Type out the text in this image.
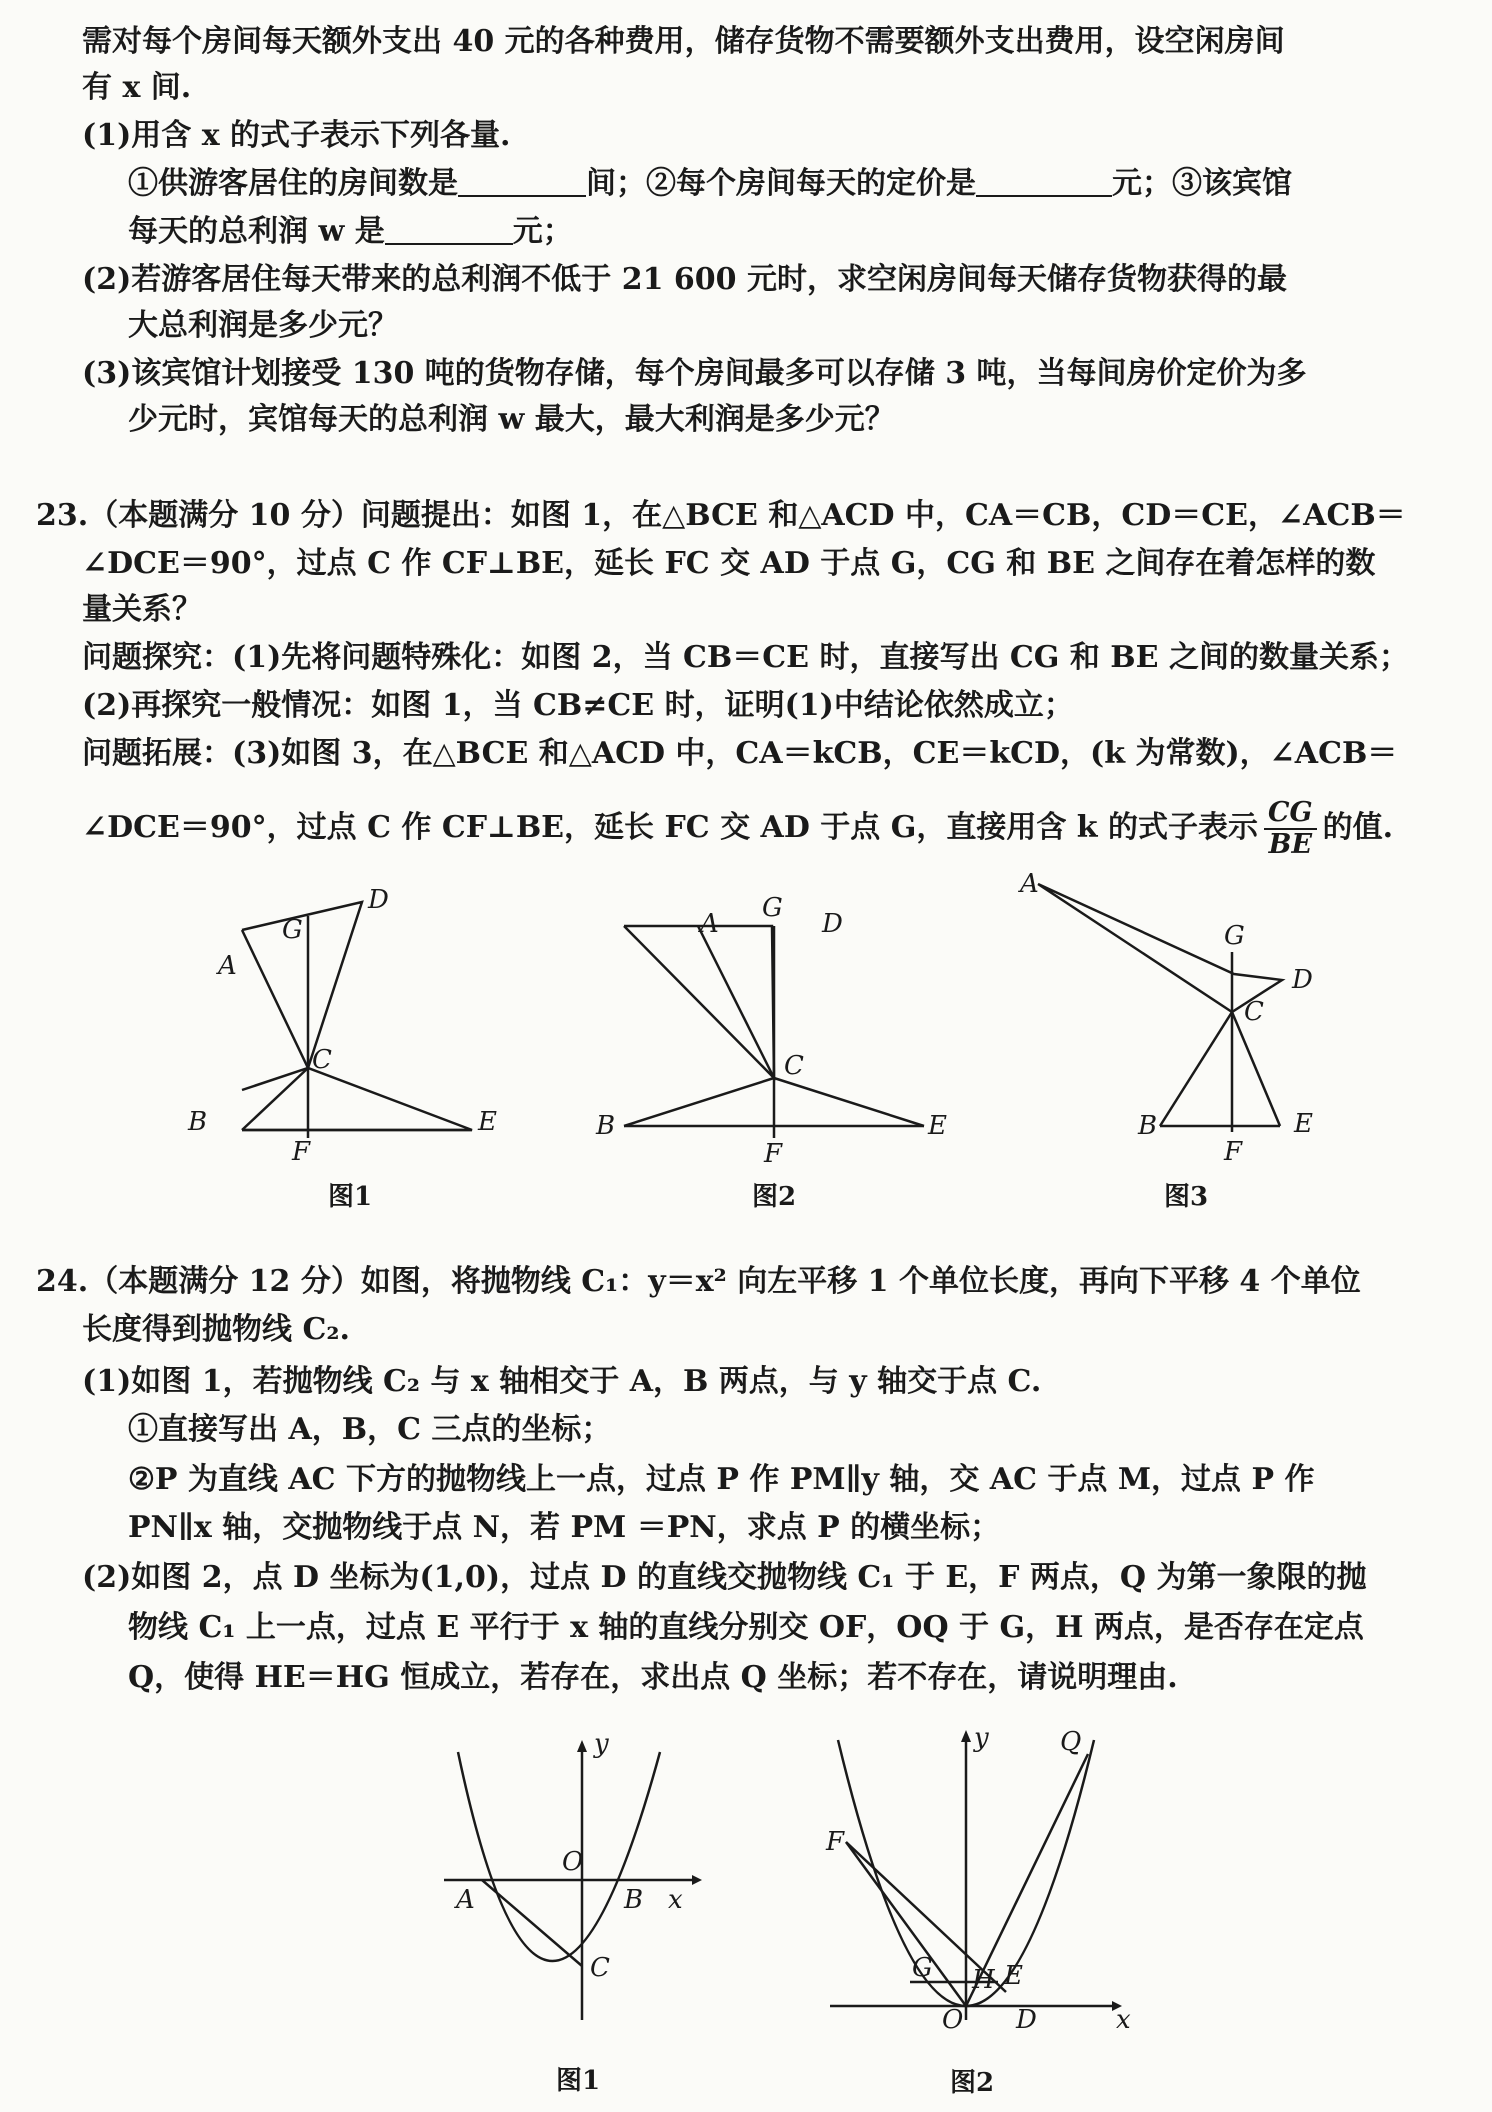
需对每个房间每天额外支出 40 元的各种费用，储存货物不需要额外支出费用，设空闲房间
有 x 间.
(1)用含 x 的式子表示下列各量.
①供游客居住的房间数是	间；②每个房间每天的定价是	元；③该宾馆
每天的总利润 w 是	元；
(2)若游客居住每天带来的总利润不低于 21 600 元时，求空闲房间每天储存货物获得的最
大总利润是多少元？
(3)该宾馆计划接受 130 吨的货物存储，每个房间最多可以存储 3 吨，当每间房价定价为多
少元时，宾馆每天的总利润 w 最大，最大利润是多少元？
23.（本题满分 10 分）问题提出：如图 1，在△BCE 和△ACD 中，CA＝CB，CD＝CE，∠ACB＝
∠DCE＝90°，过点 C 作 CF⊥BE，延长 FC 交 AD 于点 G，CG 和 BE 之间存在着怎样的数
量关系？
问题探究：(1)先将问题特殊化：如图 2，当 CB＝CE 时，直接写出 CG 和 BE 之间的数量关系；
(2)再探究一般情况：如图 1，当 CB≠CE 时，证明(1)中结论依然成立；
问题拓展：(3)如图 3，在△BCE 和△ACD 中，CA＝kCB，CE＝kCD，(k 为常数)，∠ACB＝
∠DCE＝90°，过点 C 作 CF⊥BE，延长 FC 交 AD 于点 G，直接用含 k 的式子表示 $\frac{CG}{BE}$ 的值.
G
D
A
C
B
F
E
图1
G
A	D
C
B
F
E
图2
A
G
D
C
B
F
E
图3
24.（本题满分 12 分）如图，将抛物线 C₁：y＝x² 向左平移 1 个单位长度，再向下平移 4 个单位
长度得到抛物线 C₂.
(1)如图 1，若抛物线 C₂ 与 x 轴相交于 A，B 两点，与 y 轴交于点 C.
①直接写出 A，B，C 三点的坐标；
②P 为直线 AC 下方的抛物线上一点，过点 P 作 PM∥y 轴，交 AC 于点 M，过点 P 作
PN∥x 轴，交抛物线于点 N，若 PM ＝PN，求点 P 的横坐标；
(2)如图 2，点 D 坐标为(1,0)，过点 D 的直线交抛物线 C₁ 于 E，F 两点，Q 为第一象限的抛
物线 C₁ 上一点，过点 E 平行于 x 轴的直线分别交 OF，OQ 于 G，H 两点，是否存在定点
Q，使得 HE＝HG 恒成立，若存在，求出点 Q 坐标；若不存在，请说明理由.
y
O
A	B x
C
图1
y	Q
F
G H E
O D	x
图2
